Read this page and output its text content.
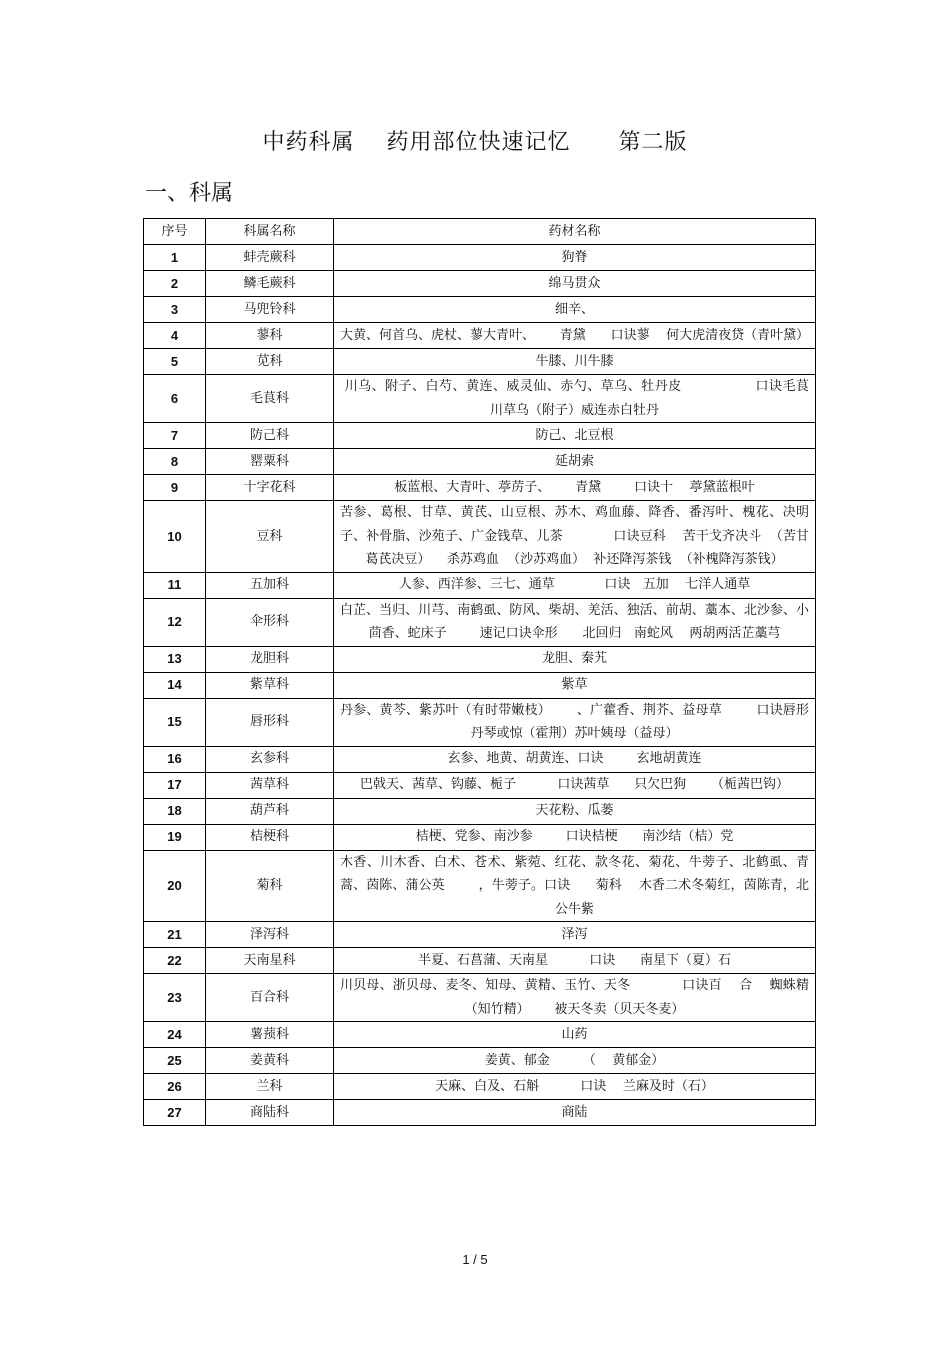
中药科属    药用部位快速记忆      第二版
一、科属
序号	科属名称	药材名称
1	蚌壳蕨科	狗脊
2	鳞毛蕨科	绵马贯众
3	马兜铃科	细辛、
4	蓼科	大黄、何首乌、虎杖、蓼大青叶、      青黛      口诀蓼    何大虎清夜贷（青叶黛）
5	苋科	牛膝、川牛膝
6	毛茛科	川乌、附子、白芍、黄连、威灵仙、赤勺、草乌、牡丹皮                口诀毛茛    川草乌（附子）威连赤白牡丹
7	防己科	防己、北豆根
8	罂粟科	延胡索
9	十字花科	板蓝根、大青叶、葶苈子、      青黛        口诀十    葶黛蓝根叶
10	豆科	苦参、葛根、甘草、黄芪、山豆根、苏木、鸡血藤、降香、番泻叶、槐花、决明子、补骨脂、沙苑子、广金钱草、儿茶            口诀豆科    苦干戈齐决斗  （苦甘葛芪决豆）    杀苏鸡血  （沙苏鸡血）  补还降泻茶钱  （补槐降泻茶钱）
11	五加科	人参、西洋参、三七、通草            口诀   五加    七洋人通草
12	伞形科	白芷、当归、川芎、南鹤虱、防风、柴胡、羌活、独活、前胡、藁本、北沙参、小茴香、蛇床子        速记口诀伞形      北回归   南蛇风    两胡两活芷藁芎
13	龙胆科	龙胆、秦艽
14	紫草科	紫草
15	唇形科	丹参、黄芩、紫苏叶（有时带嫩枝）      、广藿香、荆芥、益母草        口诀唇形    丹琴或惊（霍荆）苏叶姨母（益母）
16	玄参科	玄参、地黄、胡黄连、口诀        玄地胡黄连
17	茜草科	巴戟天、茜草、钩藤、栀子          口诀茜草      只欠巴狗      （栀茜巴钩）
18	葫芦科	天花粉、瓜蒌
19	桔梗科	桔梗、党参、南沙参        口诀桔梗      南沙结（桔）党
20	菊科	木香、川木香、白术、苍术、紫菀、红花、款冬花、菊花、牛蒡子、北鹤虱、青蒿、茵陈、蒲公英        ，牛蒡子。口诀      菊科    木香二术冬菊红，茵陈青，北公牛紫
21	泽泻科	泽泻
22	天南星科	半夏、石菖蒲、天南星          口诀      南星下（夏）石
23	百合科	川贝母、浙贝母、麦冬、知母、黄精、玉竹、天冬            口诀百    合    蜘蛛精（知竹精）      被天冬卖（贝天冬麦）
24	薯蓣科	山药
25	姜黄科	姜黄、郁金        （    黄郁金）
26	兰科	天麻、白及、石斛          口诀    兰麻及时（石）
27	商陆科	商陆
1 / 5
